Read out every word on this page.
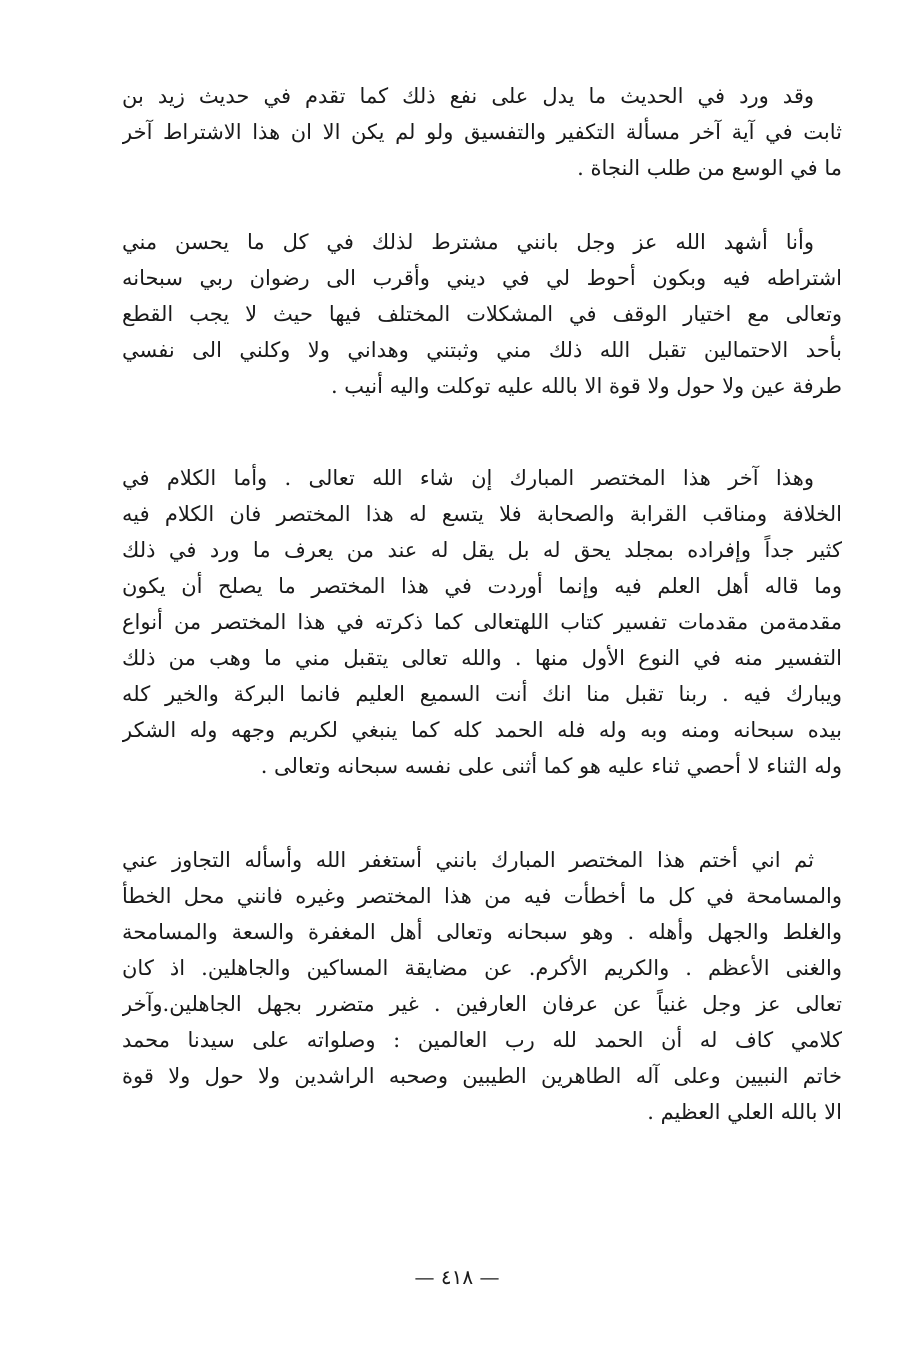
وقد ورد في الحديث ما يدل على نفع ذلك كما تقدم في حديث زيد بن
ثابت في آية آخر مسألة التكفير والتفسيق ولو لم يكن الا ان هذا الاشتراط آخر
ما في الوسع من طلب النجاة .
وأنا أشهد الله عز وجل بانني مشترط لذلك في كل ما يحسن مني
اشتراطه فيه وبكون أحوط لي في ديني وأقرب الى رضوان ربي سبحانه
وتعالى مع اختيار الوقف في المشكلات المختلف فيها حيث لا يجب القطع
بأحد الاحتمالين تقبل الله ذلك مني وثبتني وهداني ولا وكلني الى نفسي
طرفة عين ولا حول ولا قوة الا بالله عليه توكلت واليه أنيب .
وهذا آخر هذا المختصر المبارك إن شاء الله تعالى . وأما الكلام في
الخلافة ومناقب القرابة والصحابة فلا يتسع له هذا المختصر فان الكلام فيه
كثير جداً وإفراده بمجلد يحق له بل يقل له عند من يعرف ما ورد في ذلك
وما قاله أهل العلم فيه وإنما أوردت في هذا المختصر ما يصلح أن يكون
مقدمةمن مقدمات تفسير كتاب اللهتعالى كما ذكرته في هذا المختصر من أنواع
التفسير منه في النوع الأول منها . والله تعالى يتقبل مني ما وهب من ذلك
ويبارك فيه . ربنا تقبل منا انك أنت السميع العليم فانما البركة والخير كله
بيده سبحانه ومنه وبه وله فله الحمد كله كما ينبغي لكريم وجهه وله الشكر
وله الثناء لا أحصي ثناء عليه هو كما أثنى على نفسه سبحانه وتعالى .
ثم اني أختم هذا المختصر المبارك بانني أستغفر الله وأسأله التجاوز عني
والمسامحة في كل ما أخطأت فيه من هذا المختصر وغيره فانني محل الخطأ
والغلط والجهل وأهله . وهو سبحانه وتعالى أهل المغفرة والسعة والمسامحة
والغنى الأعظم . والكريم الأكرم. عن مضايقة المساكين والجاهلين. اذ كان
تعالى عز وجل غنياً عن عرفان العارفين . غير متضرر بجهل الجاهلين.وآخر
كلامي كاف له أن الحمد لله رب العالمين : وصلواته على سيدنا محمد
خاتم النبيين وعلى آله الطاهرين الطيبين وصحبه الراشدين ولا حول ولا قوة
الا بالله العلي العظيم .
— ٤١٨ —
